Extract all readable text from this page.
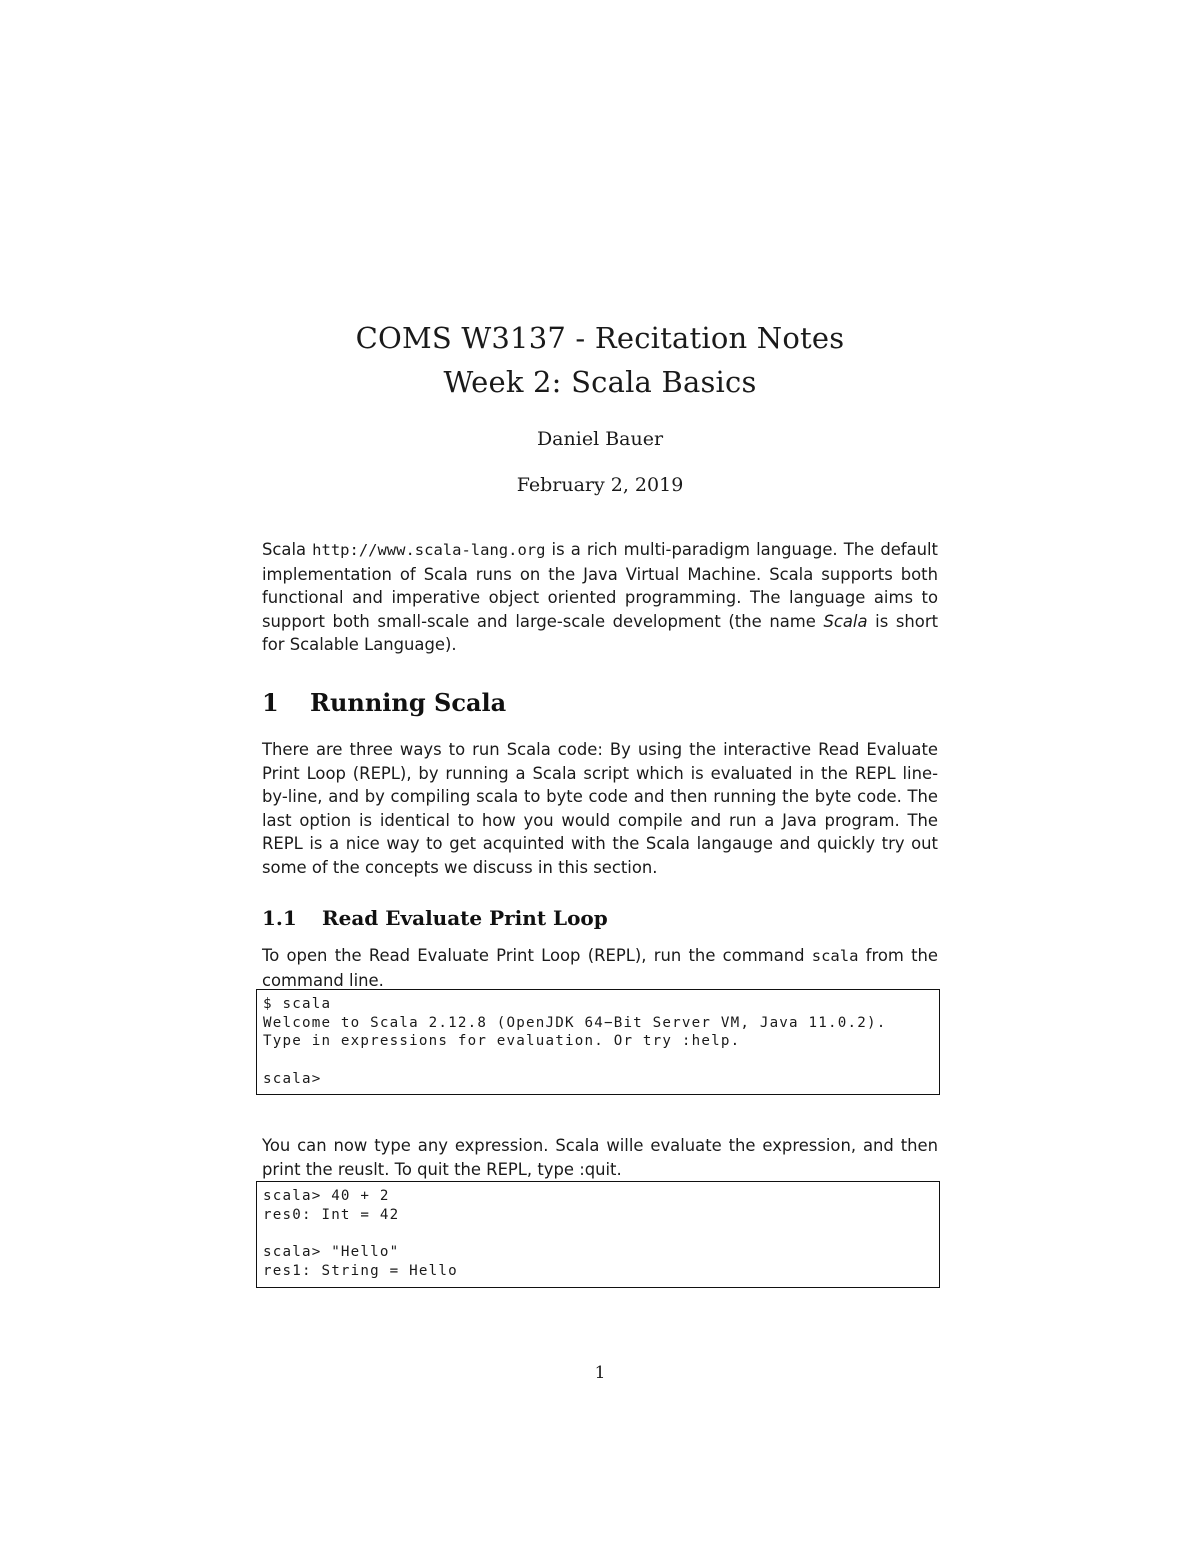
COMS W3137 - Recitation Notes
Week 2: Scala Basics
Daniel Bauer
February 2, 2019
Scala http://www.scala-lang.org is a rich multi-paradigm language. The default implementation of Scala runs on the Java Virtual Machine. Scala supports both functional and imperative object oriented programming. The language aims to support both small-scale and large-scale development (the name Scala is short for Scalable Language).
1 Running Scala
There are three ways to run Scala code: By using the interactive Read Evaluate Print Loop (REPL), by running a Scala script which is evaluated in the REPL line-by-line, and by compiling scala to byte code and then running the byte code. The last option is identical to how you would compile and run a Java program. The REPL is a nice way to get acquinted with the Scala langauge and quickly try out some of the concepts we discuss in this section.
1.1 Read Evaluate Print Loop
To open the Read Evaluate Print Loop (REPL), run the command scala from the command line.
$ scala
Welcome to Scala 2.12.8 (OpenJDK 64−Bit Server VM, Java 11.0.2).
Type in expressions for evaluation. Or try :help.
scala>
You can now type any expression. Scala wille evaluate the expression, and then print the reuslt. To quit the REPL, type :quit.
scala> 40 + 2
res0: Int = 42
scala> "Hello"
res1: String = Hello
1
